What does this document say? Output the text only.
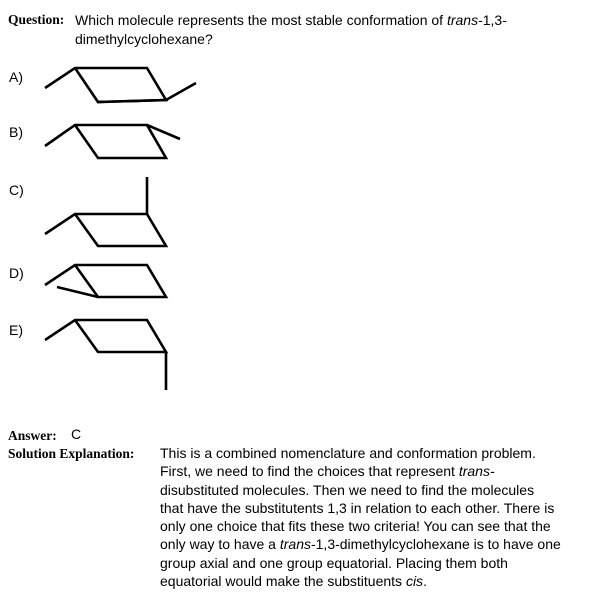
Question: Which molecule represents the most stable conformation of trans-1,3-
dimethylcyclohexane?
A)
B)
C)
D)
E)
Answer: C
Solution Explanation: This is a combined nomenclature and conformation problem.
First, we need to find the choices that represent trans-
disubstituted molecules. Then we need to find the molecules
that have the substitutents 1,3 in relation to each other. There is
only one choice that fits these two criteria! You can see that the
only way to have a trans-1,3-dimethylcyclohexane is to have one
group axial and one group equatorial. Placing them both
equatorial would make the substituents cis.
